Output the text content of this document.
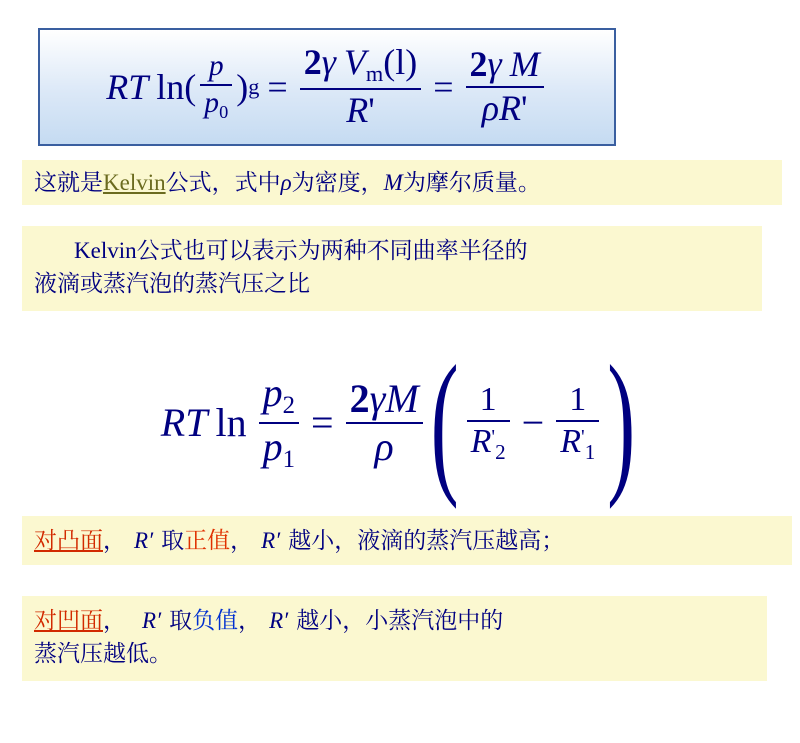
RT ln ( $\frac{p}{p0}$ ) $g = \frac{\text{2γ Vm(l)}}{R'} = \frac{\text{2γ M}}{\rho R'}$
这就是Kelvin公式，式中ρ为密度，M为摩尔质量。
Kelvin公式也可以表示为两种不同曲率半径的
液滴或蒸汽泡的蒸汽压之比
RT $\ln \frac{p2}{p1} = \frac{2\gamma M}{\rho}$ ( $\frac{1}{R'2} - \frac{1}{R'1}$ )
对凸面， R′ 取正值， R′ 越小，液滴的蒸汽压越高；
对凹面， R′ 取负值， R′ 越小，小蒸汽泡中的
蒸汽压越低。
